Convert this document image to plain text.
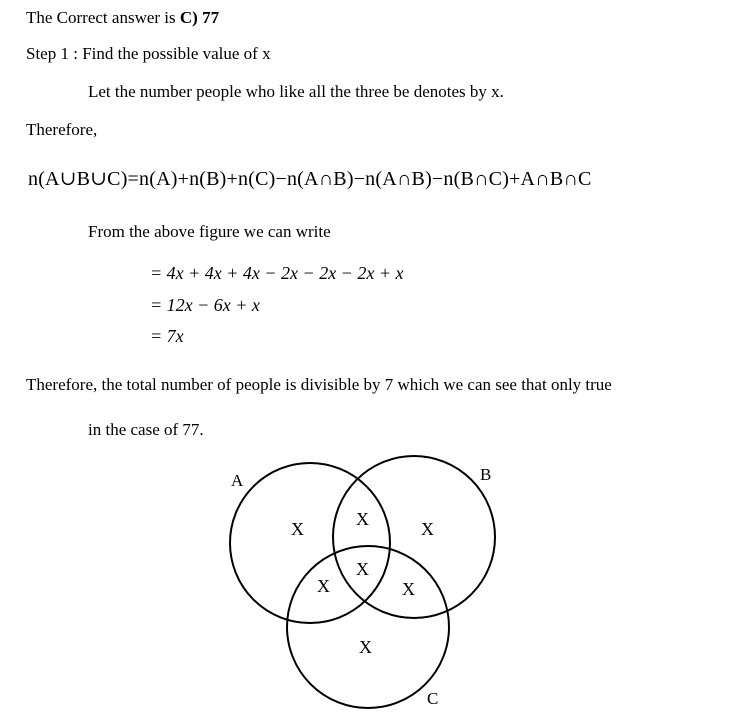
The Correct answer is C) 77
Step 1 : Find the possible value of x
Let the number people who like all the three be denotes by x.
Therefore,
n(A∪B∪C)=n(A)+n(B)+n(C)−n(A∩B)−n(A∩B)−n(B∩C)+A∩B∩C
From the above figure we can write
= 4x + 4x + 4x − 2x − 2x − 2x + x
= 12x − 6x + x
= 7x
Therefore, the total number of people is divisible by 7 which we can see that only true
in the case of 77.
A	B
C
X	X	X
X
X	X
X
